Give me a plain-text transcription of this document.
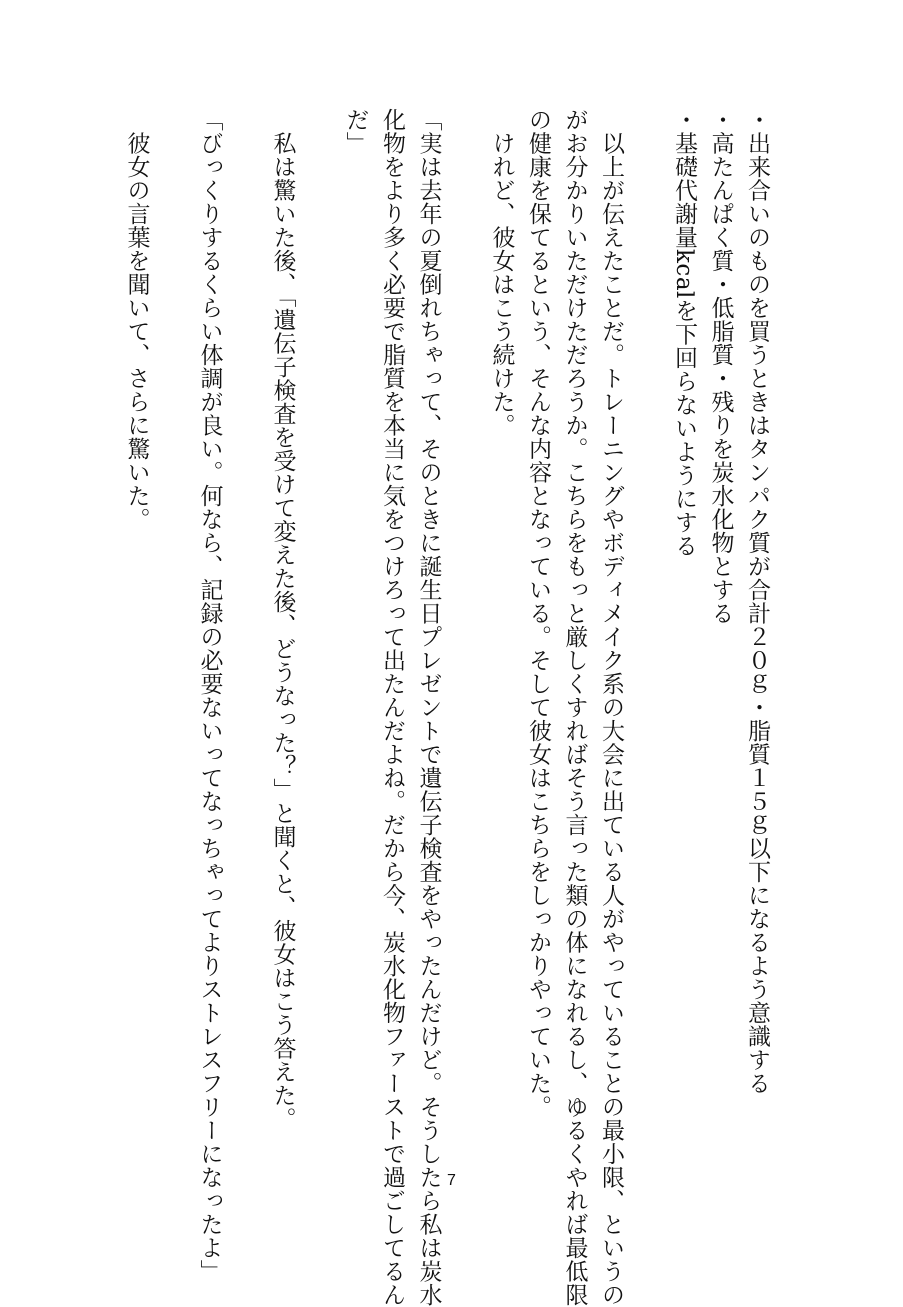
・出来合いのものを買うときはタンパク質が合計２０ｇ・脂質１５ｇ以下になるよう意識する
・高たんぱく質・低脂質・残りを炭水化物とする
・基礎代謝量kcalを下回らないようにする
　以上が伝えたことだ。トレーニングやボディメイク系の大会に出ている人がやっていることの最小限、というの
がお分かりいただけただろうか。こちらをもっと厳しくすればそう言った類の体になれるし、ゆるくやれば最低限
の健康を保てるという、そんな内容となっている。そして彼女はこちらをしっかりやっていた。
　けれど、彼女はこう続けた。
「実は去年の夏倒れちゃって、そのときに誕生日プレゼントで遺伝子検査をやったんだけど。そうしたら私は炭水
化物をより多く必要で脂質を本当に気をつけろって出たんだよね。だから今、炭水化物ファーストで過ごしてるん
だ」
　私は驚いた後、「遺伝子検査を受けて変えた後、どうなった？」と聞くと、彼女はこう答えた。
「びっくりするくらい体調が良い。何なら、記録の必要ないってなっちゃってよりストレスフリーになったよ」
　彼女の言葉を聞いて、さらに驚いた。
7
